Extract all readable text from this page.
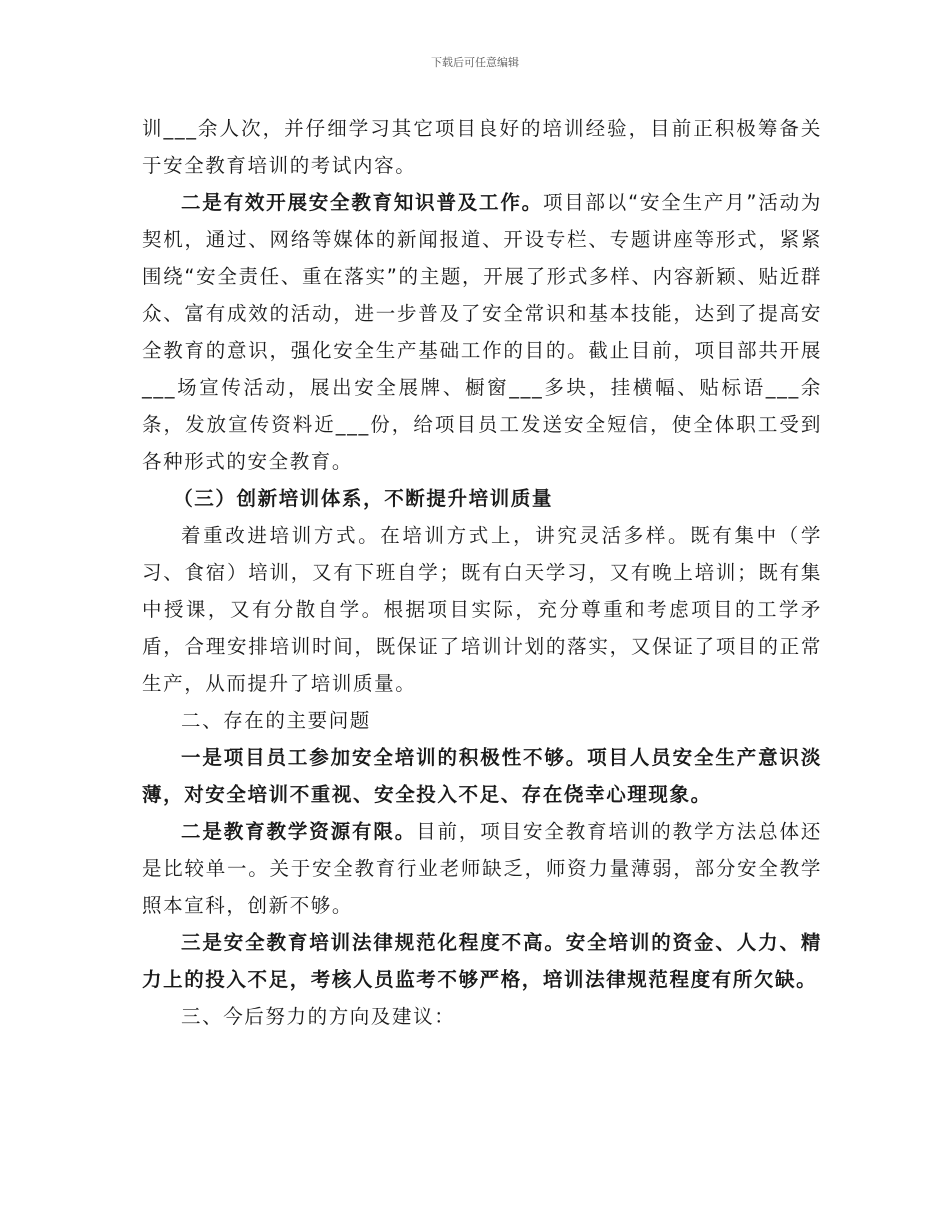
下载后可任意编辑

训___余人次，并仔细学习其它项目良好的培训经验，目前正积极筹备关于安全教育培训的考试内容。

二是有效开展安全教育知识普及工作。项目部以“安全生产月”活动为契机，通过、网络等媒体的新闻报道、开设专栏、专题讲座等形式，紧紧围绕“安全责任、重在落实”的主题，开展了形式多样、内容新颖、贴近群众、富有成效的活动，进一步普及了安全常识和基本技能，达到了提高安全教育的意识，强化安全生产基础工作的目的。截止目前，项目部共开展___场宣传活动，展出安全展牌、橱窗___多块，挂横幅、贴标语___余条，发放宣传资料近___份，给项目员工发送安全短信，使全体职工受到各种形式的安全教育。

（三）创新培训体系，不断提升培训质量

着重改进培训方式。在培训方式上，讲究灵活多样。既有集中（学习、食宿）培训，又有下班自学；既有白天学习，又有晚上培训；既有集中授课，又有分散自学。根据项目实际，充分尊重和考虑项目的工学矛盾，合理安排培训时间，既保证了培训计划的落实，又保证了项目的正常生产，从而提升了培训质量。

二、存在的主要问题

一是项目员工参加安全培训的积极性不够。项目人员安全生产意识淡薄，对安全培训不重视、安全投入不足、存在侥幸心理现象。

二是教育教学资源有限。目前，项目安全教育培训的教学方法总体还是比较单一。关于安全教育行业老师缺乏，师资力量薄弱，部分安全教学照本宣科，创新不够。

三是安全教育培训法律规范化程度不高。安全培训的资金、人力、精力上的投入不足，考核人员监考不够严格，培训法律规范程度有所欠缺。

三、今后努力的方向及建议：
